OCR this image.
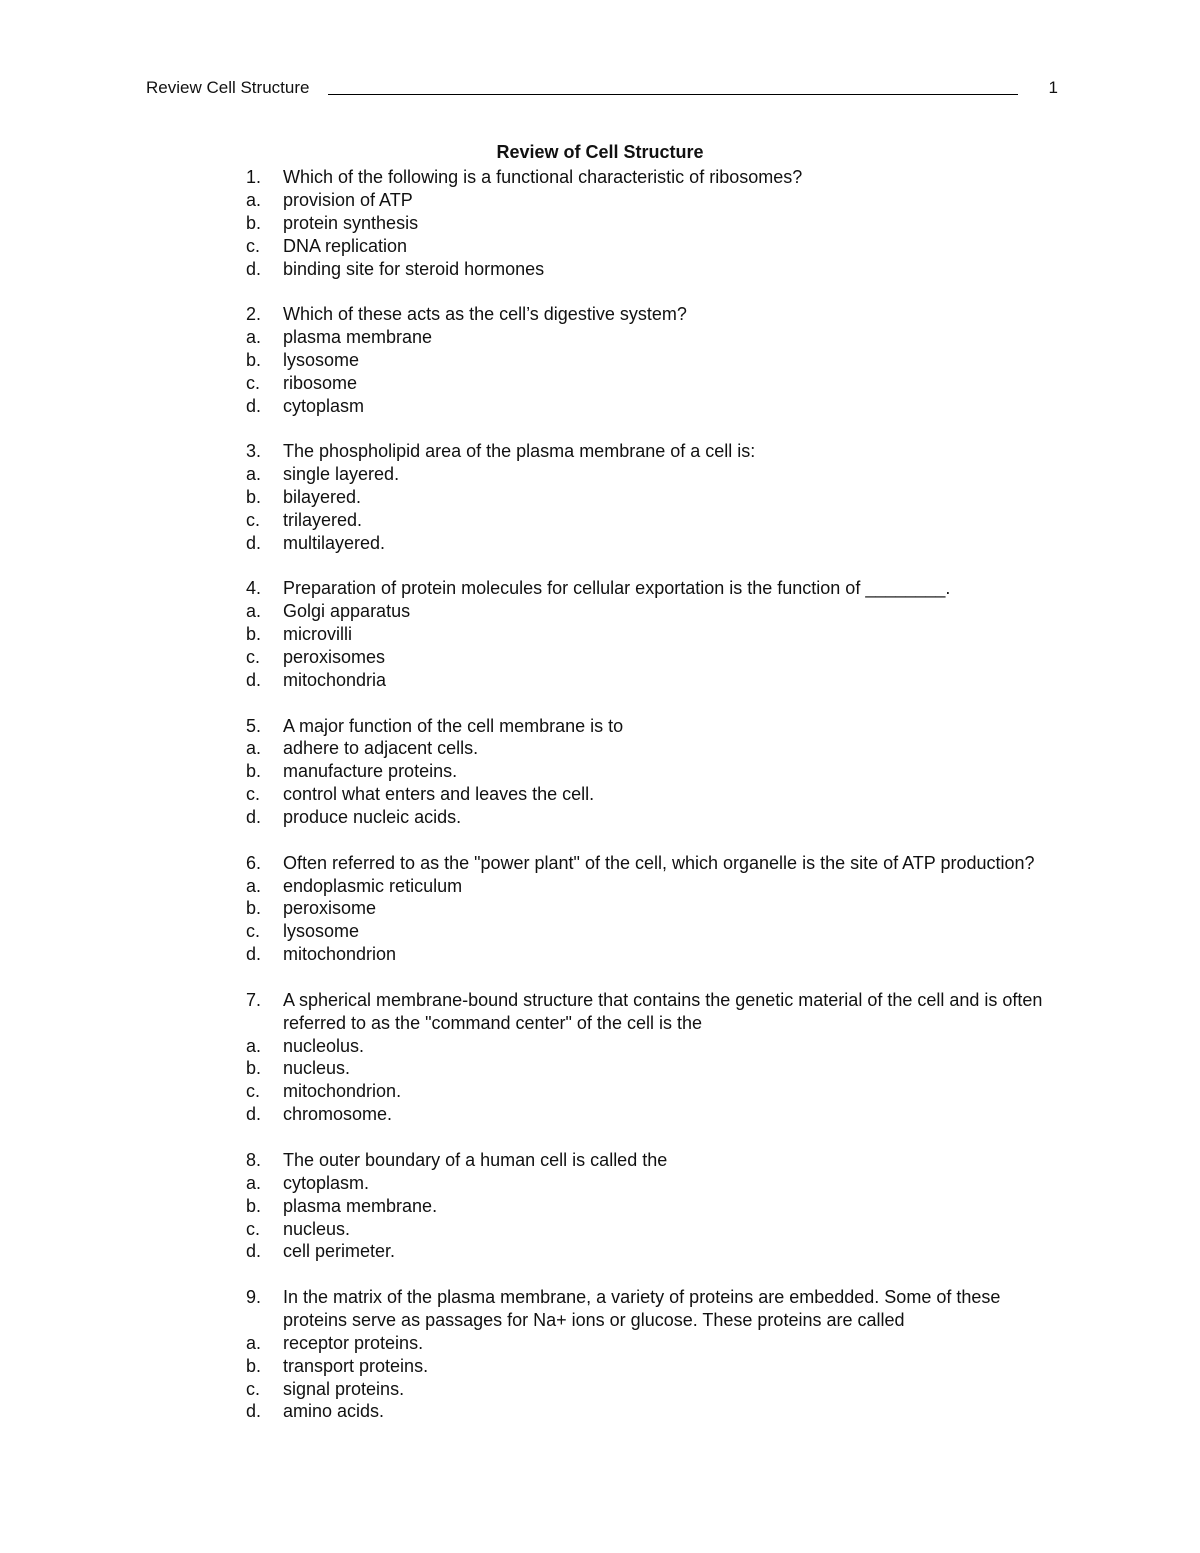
Review Cell Structure	1
Review of Cell Structure
1.	Which of the following is a functional characteristic of ribosomes?
a.	provision of ATP
b.	protein synthesis
c.	DNA replication
d.	binding site for steroid hormones
2.	Which of these acts as the cell’s digestive system?
a.	plasma membrane
b.	lysosome
c.	ribosome
d.	cytoplasm
3.	The phospholipid area of the plasma membrane of a cell is:
a.	single layered.
b.	bilayered.
c.	trilayered.
d.	multilayered.
4.	Preparation of protein molecules for cellular exportation is the function of ________.
a.	Golgi apparatus
b.	microvilli
c.	peroxisomes
d.	mitochondria
5.	A major function of the cell membrane is to
a.	adhere to adjacent cells.
b.	manufacture proteins.
c.	control what enters and leaves the cell.
d.	produce nucleic acids.
6.	Often referred to as the "power plant" of the cell, which organelle is the site of ATP production?
a.	endoplasmic reticulum
b.	peroxisome
c.	lysosome
d.	mitochondrion
7.	A spherical membrane-bound structure that contains the genetic material of the cell and is often referred to as the "command center" of the cell is the
a.	nucleolus.
b.	nucleus.
c.	mitochondrion.
d.	chromosome.
8.	The outer boundary of a human cell is called the
a.	cytoplasm.
b.	plasma membrane.
c.	nucleus.
d.	cell perimeter.
9.	In the matrix of the plasma membrane, a variety of proteins are embedded. Some of these proteins serve as passages for Na+ ions or glucose. These proteins are called
a.	receptor proteins.
b.	transport proteins.
c.	signal proteins.
d.	amino acids.
